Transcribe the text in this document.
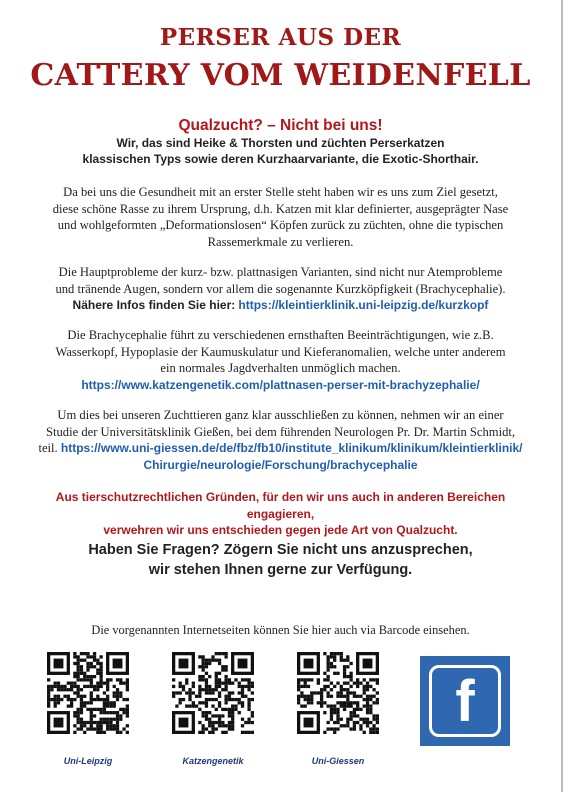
PERSER AUS DER
CATTERY VOM WEIDENFELL
Qualzucht? – Nicht bei uns!
Wir, das sind Heike & Thorsten und züchten Perserkatzen
klassischen Typs sowie deren Kurzhaarvariante, die Exotic-Shorthair.
Da bei uns die Gesundheit mit an erster Stelle steht haben wir es uns zum Ziel gesetzt,
diese schöne Rasse zu ihrem Ursprung, d.h. Katzen mit klar definierter, ausgeprägter Nase
und wohlgeformten „Deformationslosen“ Köpfen zurück zu züchten, ohne die typischen
Rassemerkmale zu verlieren.
Die Hauptprobleme der kurz- bzw. plattnasigen Varianten, sind nicht nur Atemprobleme
und tränende Augen, sondern vor allem die sogenannte Kurzköpfigkeit (Brachycephalie).
Nähere Infos finden Sie hier: https://kleintierklinik.uni-leipzig.de/kurzkopf
Die Brachycephalie führt zu verschiedenen ernsthaften Beeinträchtigungen, wie z.B.
Wasserkopf, Hypoplasie der Kaumuskulatur und Kieferanomalien, welche unter anderem
ein normales Jagdverhalten unmöglich machen.
https://www.katzengenetik.com/plattnasen-perser-mit-brachyzephalie/
Um dies bei unseren Zuchttieren ganz klar ausschließen zu können, nehmen wir an einer
Studie der Universitätsklinik Gießen, bei dem führenden Neurologen Pr. Dr. Martin Schmidt,
teil. https://www.uni-giessen.de/de/fbz/fb10/institute_klinikum/klinikum/kleintierklinik/
Chirurgie/neurologie/Forschung/brachycephalie
Aus tierschutzrechtlichen Gründen, für den wir uns auch in anderen Bereichen engagieren,
verwehren wir uns entschieden gegen jede Art von Qualzucht.
Haben Sie Fragen? Zögern Sie nicht uns anzusprechen,
wir stehen Ihnen gerne zur Verfügung.
Die vorgenannten Internetseiten können Sie hier auch via Barcode einsehen.
Uni-Leipzig	Katzengenetik	Uni-Giessen
f
